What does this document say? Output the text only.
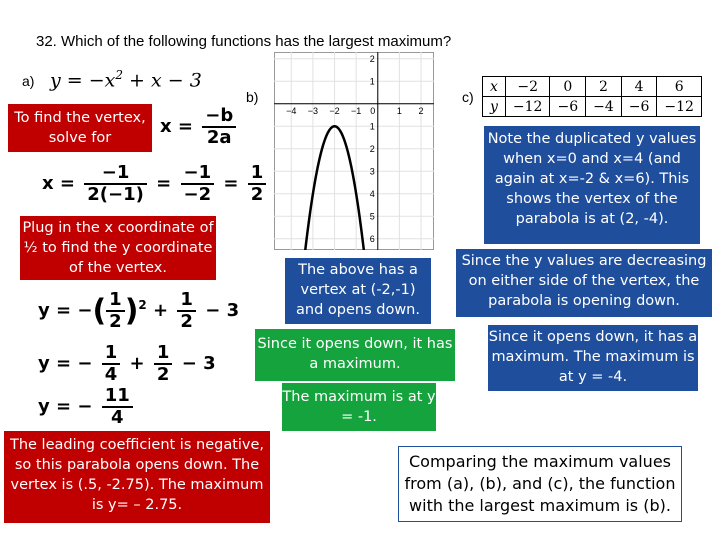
32. Which of the following functions has the largest maximum?
a) $y = -x^2 + x - 3$
To find the vertex, solve for
$x = \frac{-b}{2a}$
$x = \frac{-1}{2(-1)} = \frac{-1}{-2} = \frac{1}{2}$
Plug in the x coordinate of ½ to find the y coordinate of the vertex.
y = −( $\frac{1}{2} )^2 + \frac{1}{2} - 3$
y = − $\frac{1}{4} + \frac{1}{2} - 3$
y = − $\frac{11}{4}$
The leading coefficient is negative, so this parabola opens down. The vertex is (.5, -2.75). The maximum is y= – 2.75.
b)
−4 −3 −2 −1 0 1 2
2
1
1
2
3
4
5
6
The above has a vertex at (-2,-1) and opens down.
Since it opens down, it has a maximum.
The maximum is at y = -1.
c)
x	−2	0	2	4	6
y	−12	−6	−4	−6	−12
Note the duplicated y values when x=0 and x=4 (and again at x=-2 & x=6). This shows the vertex of the parabola is at (2, -4).
Since the y values are decreasing on either side of the vertex, the parabola is opening down.
Since it opens down, it has a maximum. The maximum is at y = -4.
Comparing the maximum values from (a), (b), and (c), the function with the largest maximum is (b).
